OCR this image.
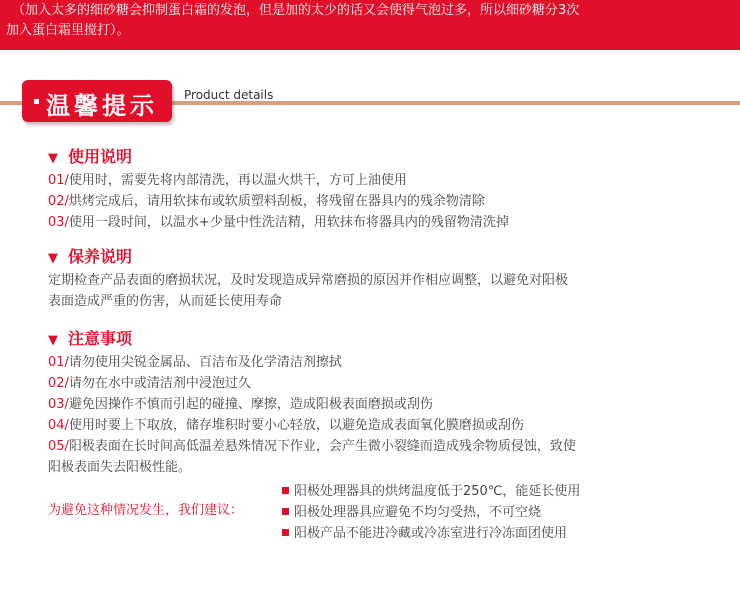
（加入太多的细砂糖会抑制蛋白霜的发泡，但是加的太少的话又会使得气泡过多，所以细砂糖分3次
加入蛋白霜里搅打）。
温馨提示 Product details
▼ 使用说明
01/使用时，需要先将内部清洗，再以温火烘干，方可上油使用
02/烘烤完成后，请用软抹布或软质塑料刮板，将残留在器具内的残余物清除
03/使用一段时间，以温水+少量中性洗洁精，用软抹布将器具内的残留物清洗掉
▼ 保养说明
定期检查产品表面的磨损状况，及时发现造成异常磨损的原因并作相应调整，以避免对阳极
表面造成严重的伤害，从而延长使用寿命
▼ 注意事项
01/请勿使用尖锐金属品、百洁布及化学清洁剂擦拭
02/请勿在水中或清洁剂中浸泡过久
03/避免因操作不慎而引起的碰撞、摩擦，造成阳极表面磨损或刮伤
04/使用时要上下取放，储存堆积时要小心轻放，以避免造成表面氧化膜磨损或刮伤
05/阳极表面在长时间高低温差悬殊情况下作业，会产生微小裂缝而造成残余物质侵蚀，致使
阳极表面失去阳极性能。
为避免这种情况发生，我们建议：
阳极处理器具的烘烤温度低于250℃，能延长使用
阳极处理器具应避免不均匀受热，不可空烧
阳极产品不能进冷藏或冷冻室进行冷冻面团使用
